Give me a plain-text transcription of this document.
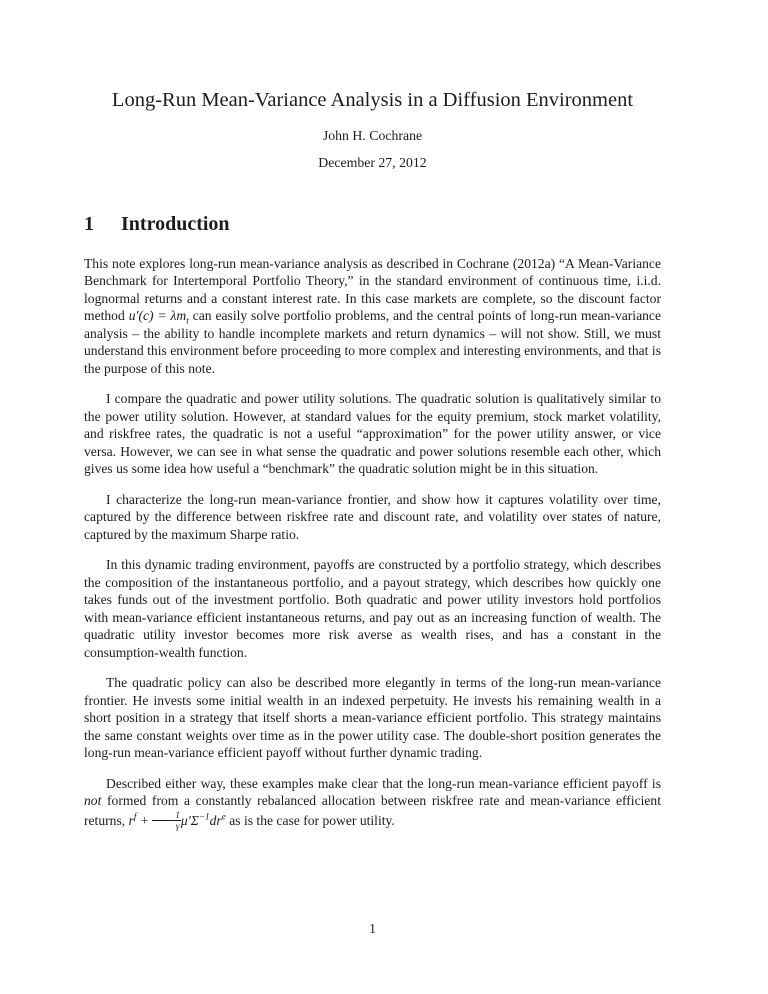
Long-Run Mean-Variance Analysis in a Diffusion Environment
John H. Cochrane
December 27, 2012
1 Introduction

This note explores long-run mean-variance analysis as described in Cochrane (2012a) “A Mean-Variance Benchmark for Intertemporal Portfolio Theory,” in the standard environment of continuous time, i.i.d. lognormal returns and a constant interest rate. In this case markets are complete, so the discount factor method $u'(c) = \lambda m_t$ can easily solve portfolio problems, and the central points of long-run mean-variance analysis – the ability to handle incomplete markets and return dynamics – will not show. Still, we must understand this environment before proceeding to more complex and interesting environments, and that is the purpose of this note.

I compare the quadratic and power utility solutions. The quadratic solution is qualitatively similar to the power utility solution. However, at standard values for the equity premium, stock market volatility, and riskfree rates, the quadratic is not a useful “approximation” for the power utility answer, or vice versa. However, we can see in what sense the quadratic and power solutions resemble each other, which gives us some idea how useful a “benchmark” the quadratic solution might be in this situation.

I characterize the long-run mean-variance frontier, and show how it captures volatility over time, captured by the difference between riskfree rate and discount rate, and volatility over states of nature, captured by the maximum Sharpe ratio.

In this dynamic trading environment, payoffs are constructed by a portfolio strategy, which describes the composition of the instantaneous portfolio, and a payout strategy, which describes how quickly one takes funds out of the investment portfolio. Both quadratic and power utility investors hold portfolios with mean-variance efficient instantaneous returns, and pay out as an increasing function of wealth. The quadratic utility investor becomes more risk averse as wealth rises, and has a constant in the consumption-wealth function.

The quadratic policy can also be described more elegantly in terms of the long-run mean-variance frontier. He invests some initial wealth in an indexed perpetuity. He invests his remaining wealth in a short position in a strategy that itself shorts a mean-variance efficient portfolio. This strategy maintains the same constant weights over time as in the power utility case. The double-short position generates the long-run mean-variance efficient payoff without further dynamic trading.

Described either way, these examples make clear that the long-run mean-variance efficient payoff is not formed from a constantly rebalanced allocation between riskfree rate and mean-variance efficient returns, $r^f + \frac{1}{\gamma} \mu'\Sigma^{-1}dr^e$ as is the case for power utility.

1
